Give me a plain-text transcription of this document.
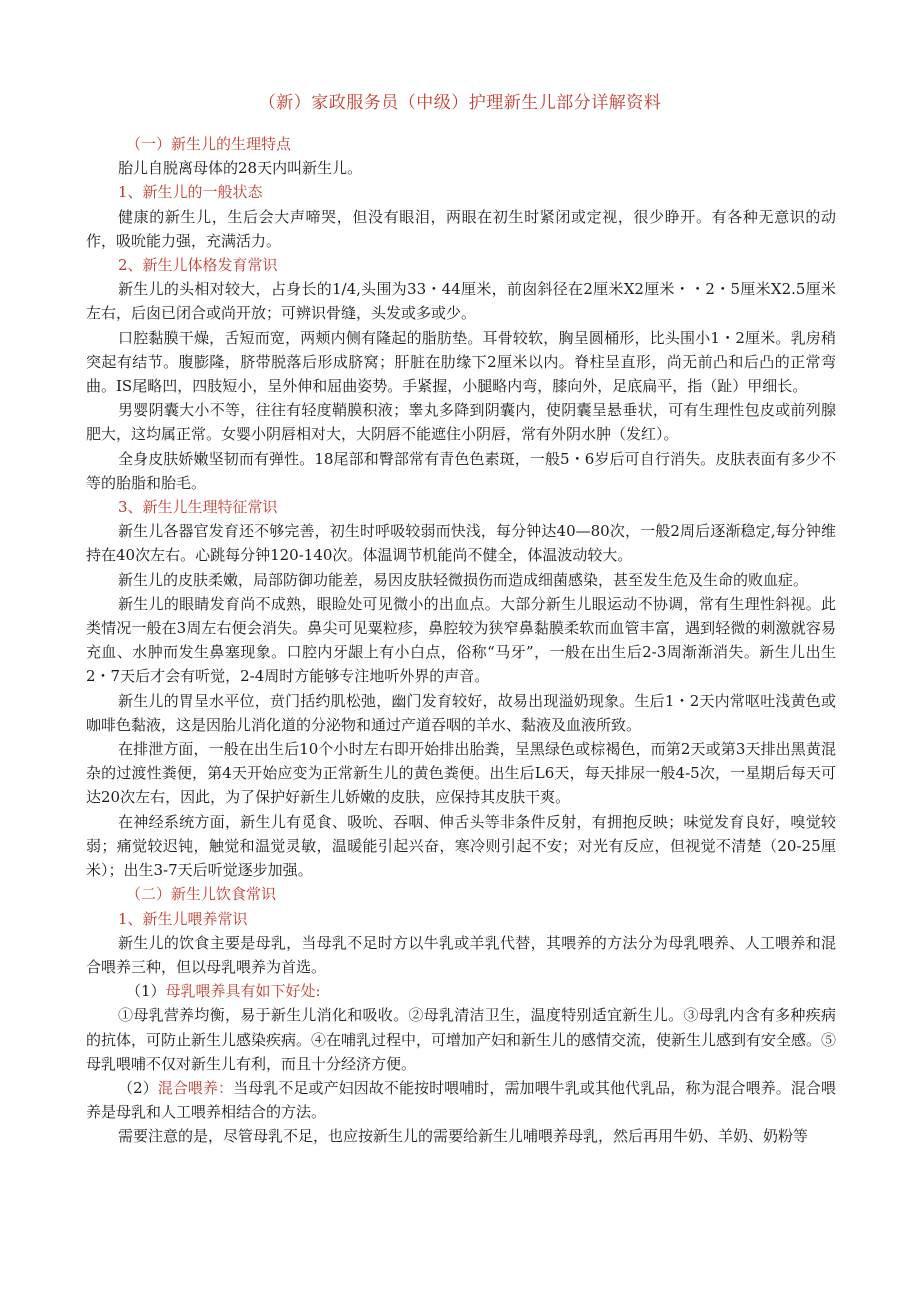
（新）家政服务员（中级）护理新生儿部分详解资料

（一）新生儿的生理特点

胎儿自脱离母体的28天内叫新生儿。

1、新生儿的一般状态

健康的新生儿，生后会大声啼哭，但没有眼泪，两眼在初生时紧闭或定视，很少睁开。有各种无意识的动作，吸吮能力强，充满活力。

2、新生儿体格发育常识

新生儿的头相对较大，占身长的1/4,头围为33・44厘米，前囱斜径在2厘米X2厘米・・2・5厘米X2.5厘米左右，后囱已闭合或尚开放；可辨识骨缝，头发或多或少。

口腔黏膜干燥，舌短而宽，两颊内侧有隆起的脂肪垫。耳骨较软，胸呈圆桶形，比头围小1・2厘米。乳房稍突起有结节。腹膨隆，脐带脱落后形成脐窝；肝脏在肋缘下2厘米以内。脊柱呈直形，尚无前凸和后凸的正常弯曲。IS尾略凹，四肢短小，呈外伸和屈曲姿势。手紧握，小腿略内弯，膝向外，足底扁平，指（趾）甲细长。

男婴阴囊大小不等，往往有轻度鞘膜积液；睾丸多降到阴囊内，使阴囊呈悬垂状，可有生理性包皮或前列腺肥大，这均属正常。女婴小阴唇相对大，大阴唇不能遮住小阴唇，常有外阴水肿（发红）。

全身皮肤娇嫩坚韧而有弹性。18尾部和臀部常有青色色素斑，一般5・6岁后可自行消失。皮肤表面有多少不等的胎脂和胎毛。

3、新生儿生理特征常识

新生儿各器官发育还不够完善，初生时呼吸较弱而快浅，每分钟达40—80次，一般2周后逐渐稳定,每分钟维持在40次左右。心跳每分钟120-140次。体温调节机能尚不健全，体温波动较大。

新生儿的皮肤柔嫩，局部防御功能差，易因皮肤轻微损伤而造成细菌感染，甚至发生危及生命的败血症。

新生儿的眼睛发育尚不成熟，眼睑处可见微小的出血点。大部分新生儿眼运动不协调，常有生理性斜视。此类情况一般在3周左右便会消失。鼻尖可见粟粒疹，鼻腔较为狭窄鼻黏膜柔软而血管丰富，遇到轻微的刺激就容易充血、水肿而发生鼻塞现象。口腔内牙龈上有小白点，俗称“马牙”，一般在出生后2-3周渐渐消失。新生儿出生2・7天后才会有听觉，2-4周时方能够专注地听外界的声音。

新生儿的胃呈水平位，贲门括约肌松弛，幽门发育较好，故易出现溢奶现象。生后1・2天内常呕吐浅黄色或咖啡色黏液，这是因胎儿消化道的分泌物和通过产道吞咽的羊水、黏液及血液所致。

在排泄方面，一般在出生后10个小时左右即开始排出胎粪，呈黑绿色或棕褐色，而第2天或第3天排出黑黄混杂的过渡性粪便，第4天开始应变为正常新生儿的黄色粪便。出生后L6天，每天排尿一般4-5次，一星期后每天可达20次左右，因此，为了保护好新生儿娇嫩的皮肤，应保持其皮肤干爽。

在神经系统方面，新生儿有觅食、吸吮、吞咽、伸舌头等非条件反射，有拥抱反映；味觉发育良好，嗅觉较弱；痛觉较迟钝，触觉和温觉灵敏，温暖能引起兴奋，寒冷则引起不安；对光有反应，但视觉不清楚（20-25厘米）；出生3-7天后听觉逐步加强。

（二）新生儿饮食常识

1、新生儿喂养常识

新生儿的饮食主要是母乳，当母乳不足时方以牛乳或羊乳代替，其喂养的方法分为母乳喂养、人工喂养和混合喂养三种，但以母乳喂养为首选。

（1）母乳喂养具有如下好处:

①母乳营养均衡，易于新生儿消化和吸收。②母乳清洁卫生，温度特别适宜新生儿。③母乳内含有多种疾病的抗体，可防止新生儿感染疾病。④在哺乳过程中，可增加产妇和新生儿的感情交流，使新生儿感到有安全感。⑤母乳喂哺不仅对新生儿有利，而且十分经济方便。

（2）混合喂养：当母乳不足或产妇因故不能按时喂哺时，需加喂牛乳或其他代乳品，称为混合喂养。混合喂养是母乳和人工喂养相结合的方法。

需要注意的是，尽管母乳不足，也应按新生儿的需要给新生儿哺喂养母乳，然后再用牛奶、羊奶、奶粉等
